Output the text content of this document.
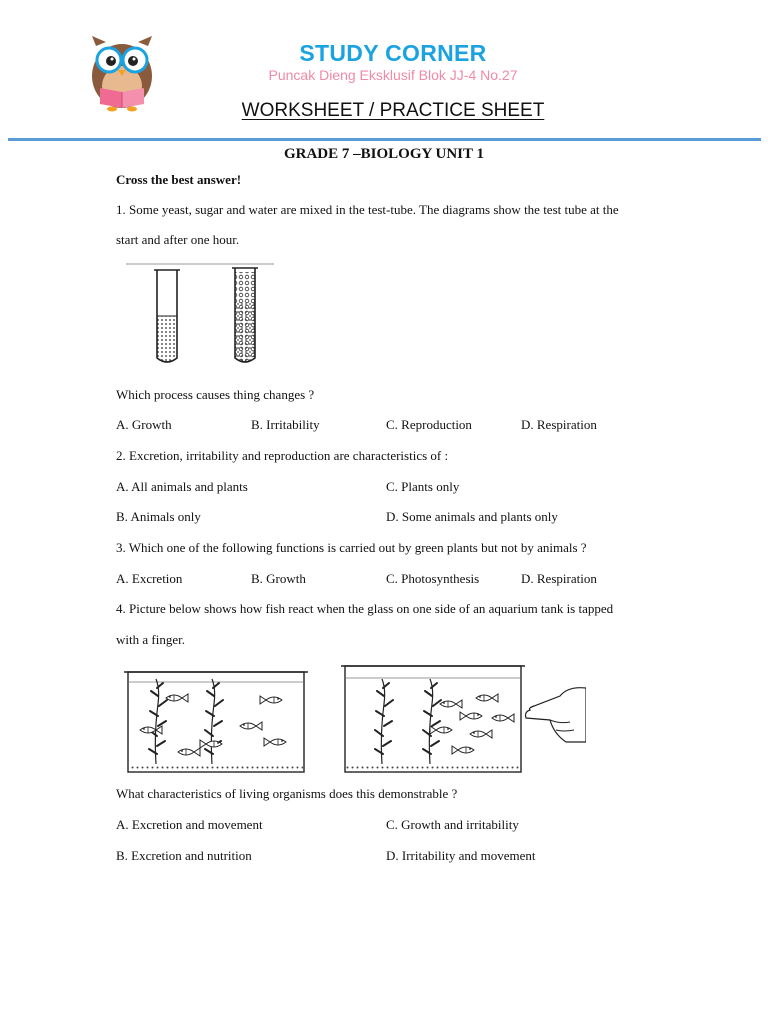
STUDY CORNER
Puncak Dieng Eksklusif Blok JJ-4 No.27
WORKSHEET / PRACTICE SHEET
GRADE 7 –BIOLOGY UNIT 1
Cross the best answer!
1. Some yeast, sugar and water are mixed in the test-tube. The diagrams show the test tube at the
start and after one hour.
Which process causes thing changes ?
A. Growth	B. Irritability	C. Reproduction	D. Respiration
2. Excretion, irritability and reproduction are characteristics of :
A. All animals and plants	C. Plants only
B. Animals only	D. Some animals and plants only
3. Which one of the following functions is carried out by green plants but not by animals ?
A. Excretion	B. Growth	C. Photosynthesis	D. Respiration
4. Picture below shows how fish react when the glass on one side of an aquarium tank is tapped
with a finger.
What characteristics of living organisms does this demonstrable ?
A. Excretion and movement	C. Growth and irritability
B. Excretion and nutrition	D. Irritability and movement
